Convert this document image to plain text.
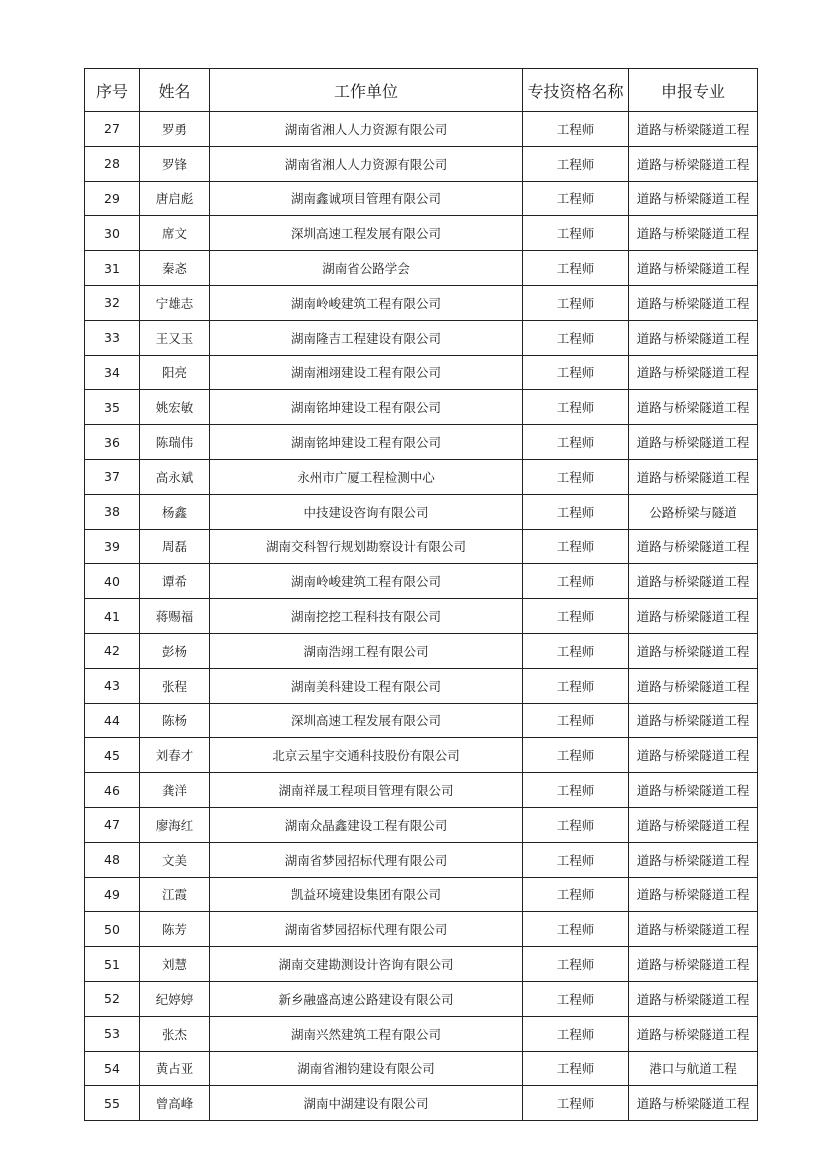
序号	姓名	工作单位	专技资格名称	申报专业
27	罗勇	湖南省湘人人力资源有限公司	工程师	道路与桥梁隧道工程
28	罗锋	湖南省湘人人力资源有限公司	工程师	道路与桥梁隧道工程
29	唐启彪	湖南鑫诚项目管理有限公司	工程师	道路与桥梁隧道工程
30	席文	深圳高速工程发展有限公司	工程师	道路与桥梁隧道工程
31	秦忞	湖南省公路学会	工程师	道路与桥梁隧道工程
32	宁雄志	湖南岭峻建筑工程有限公司	工程师	道路与桥梁隧道工程
33	王又玉	湖南隆吉工程建设有限公司	工程师	道路与桥梁隧道工程
34	阳亮	湖南湘翊建设工程有限公司	工程师	道路与桥梁隧道工程
35	姚宏敏	湖南铭坤建设工程有限公司	工程师	道路与桥梁隧道工程
36	陈瑞伟	湖南铭坤建设工程有限公司	工程师	道路与桥梁隧道工程
37	高永斌	永州市广厦工程检测中心	工程师	道路与桥梁隧道工程
38	杨鑫	中技建设咨询有限公司	工程师	公路桥梁与隧道
39	周磊	湖南交科智行规划勘察设计有限公司	工程师	道路与桥梁隧道工程
40	谭希	湖南岭峻建筑工程有限公司	工程师	道路与桥梁隧道工程
41	蒋赐福	湖南挖挖工程科技有限公司	工程师	道路与桥梁隧道工程
42	彭杨	湖南浩翊工程有限公司	工程师	道路与桥梁隧道工程
43	张程	湖南美科建设工程有限公司	工程师	道路与桥梁隧道工程
44	陈杨	深圳高速工程发展有限公司	工程师	道路与桥梁隧道工程
45	刘春才	北京云星宇交通科技股份有限公司	工程师	道路与桥梁隧道工程
46	龚洋	湖南祥晟工程项目管理有限公司	工程师	道路与桥梁隧道工程
47	廖海红	湖南众晶鑫建设工程有限公司	工程师	道路与桥梁隧道工程
48	文美	湖南省梦园招标代理有限公司	工程师	道路与桥梁隧道工程
49	江霞	凯益环境建设集团有限公司	工程师	道路与桥梁隧道工程
50	陈芳	湖南省梦园招标代理有限公司	工程师	道路与桥梁隧道工程
51	刘慧	湖南交建勘测设计咨询有限公司	工程师	道路与桥梁隧道工程
52	纪婷婷	新乡融盛高速公路建设有限公司	工程师	道路与桥梁隧道工程
53	张杰	湖南兴然建筑工程有限公司	工程师	道路与桥梁隧道工程
54	黄占亚	湖南省湘钧建设有限公司	工程师	港口与航道工程
55	曾高峰	湖南中湖建设有限公司	工程师	道路与桥梁隧道工程
